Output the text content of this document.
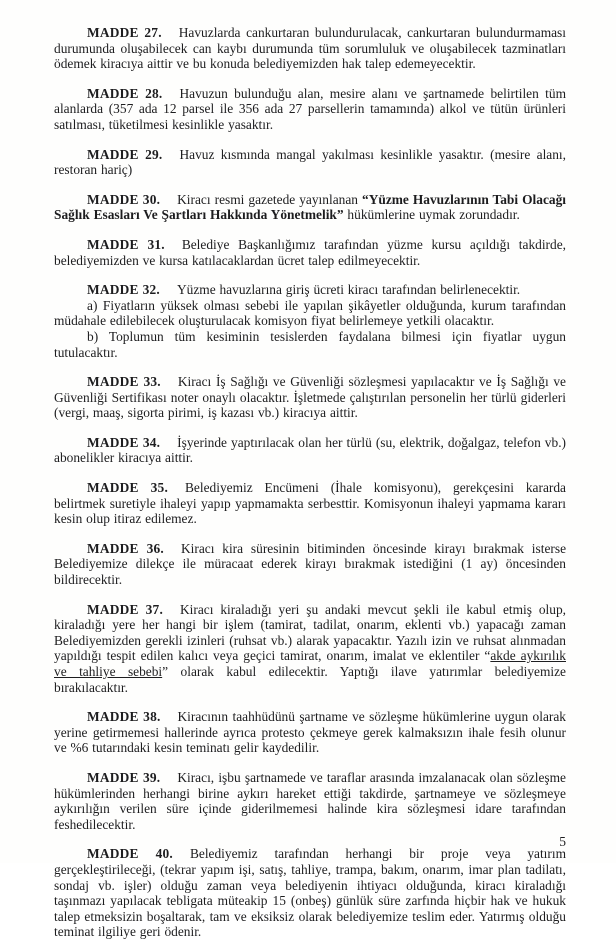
MADDE 27. Havuzlarda cankurtaran bulundurulacak, cankurtaran bulundurmaması durumunda oluşabilecek can kaybı durumunda tüm sorumluluk ve oluşabilecek tazminatları ödemek kiracıya aittir ve bu konuda belediyemizden hak talep edemeyecektir.

MADDE 28. Havuzun bulunduğu alan, mesire alanı ve şartnamede belirtilen tüm alanlarda (357 ada 12 parsel ile 356 ada 27 parsellerin tamamında) alkol ve tütün ürünleri satılması, tüketilmesi kesinlikle yasaktır.

MADDE 29. Havuz kısmında mangal yakılması kesinlikle yasaktır. (mesire alanı, restoran hariç)

MADDE 30. Kiracı resmi gazetede yayınlanan “Yüzme Havuzlarının Tabi Olacağı Sağlık Esasları Ve Şartları Hakkında Yönetmelik” hükümlerine uymak zorundadır.

MADDE 31. Belediye Başkanlığımız tarafından yüzme kursu açıldığı takdirde, belediyemizden ve kursa katılacaklardan ücret talep edilmeyecektir.

MADDE 32. Yüzme havuzlarına giriş ücreti kiracı tarafından belirlenecektir.

a) Fiyatların yüksek olması sebebi ile yapılan şikâyetler olduğunda, kurum tarafından müdahale edilebilecek oluşturulacak komisyon fiyat belirlemeye yetkili olacaktır.

b) Toplumun tüm kesiminin tesislerden faydalana bilmesi için fiyatlar uygun tutulacaktır.

MADDE 33. Kiracı İş Sağlığı ve Güvenliği sözleşmesi yapılacaktır ve İş Sağlığı ve Güvenliği Sertifikası noter onaylı olacaktır. İşletmede çalıştırılan personelin her türlü giderleri (vergi, maaş, sigorta pirimi, iş kazası vb.) kiracıya aittir.

MADDE 34. İşyerinde yaptırılacak olan her türlü (su, elektrik, doğalgaz, telefon vb.) abonelikler kiracıya aittir.

MADDE 35. Belediyemiz Encümeni (İhale komisyonu), gerekçesini kararda belirtmek suretiyle ihaleyi yapıp yapmamakta serbesttir. Komisyonun ihaleyi yapmama kararı kesin olup itiraz edilemez.

MADDE 36. Kiracı kira süresinin bitiminden öncesinde kirayı bırakmak isterse Belediyemize dilekçe ile müracaat ederek kirayı bırakmak istediğini (1 ay) öncesinden bildirecektir.

MADDE 37. Kiracı kiraladığı yeri şu andaki mevcut şekli ile kabul etmiş olup, kiraladığı yere her hangi bir işlem (tamirat, tadilat, onarım, eklenti vb.) yapacağı zaman Belediyemizden gerekli izinleri (ruhsat vb.) alarak yapacaktır. Yazılı izin ve ruhsat alınmadan yapıldığı tespit edilen kalıcı veya geçici tamirat, onarım, imalat ve eklentiler “akde aykırılık ve tahliye sebebi” olarak kabul edilecektir. Yaptığı ilave yatırımlar belediyemize bırakılacaktır.

MADDE 38. Kiracının taahhüdünü şartname ve sözleşme hükümlerine uygun olarak yerine getirmemesi hallerinde ayrıca protesto çekmeye gerek kalmaksızın ihale fesih olunur ve %6 tutarındaki kesin teminatı gelir kaydedilir.

MADDE 39. Kiracı, işbu şartnamede ve taraflar arasında imzalanacak olan sözleşme hükümlerinden herhangi birine aykırı hareket ettiği takdirde, şartnameye ve sözleşmeye aykırılığın verilen süre içinde giderilmemesi halinde kira sözleşmesi idare tarafından feshedilecektir.

MADDE 40. Belediyemiz tarafından herhangi bir proje veya yatırım gerçekleştirileceği, (tekrar yapım işi, satış, tahliye, trampa, bakım, onarım, imar plan tadilatı, sondaj vb. işler) olduğu zaman veya belediyenin ihtiyacı olduğunda, kiracı kiraladığı taşınmazı yapılacak tebligata müteakip 15 (onbeş) günlük süre zarfında hiçbir hak ve hukuk talep etmeksizin boşaltarak, tam ve eksiksiz olarak belediyemize teslim eder. Yatırmış olduğu teminat ilgiliye geri ödenir.

5
